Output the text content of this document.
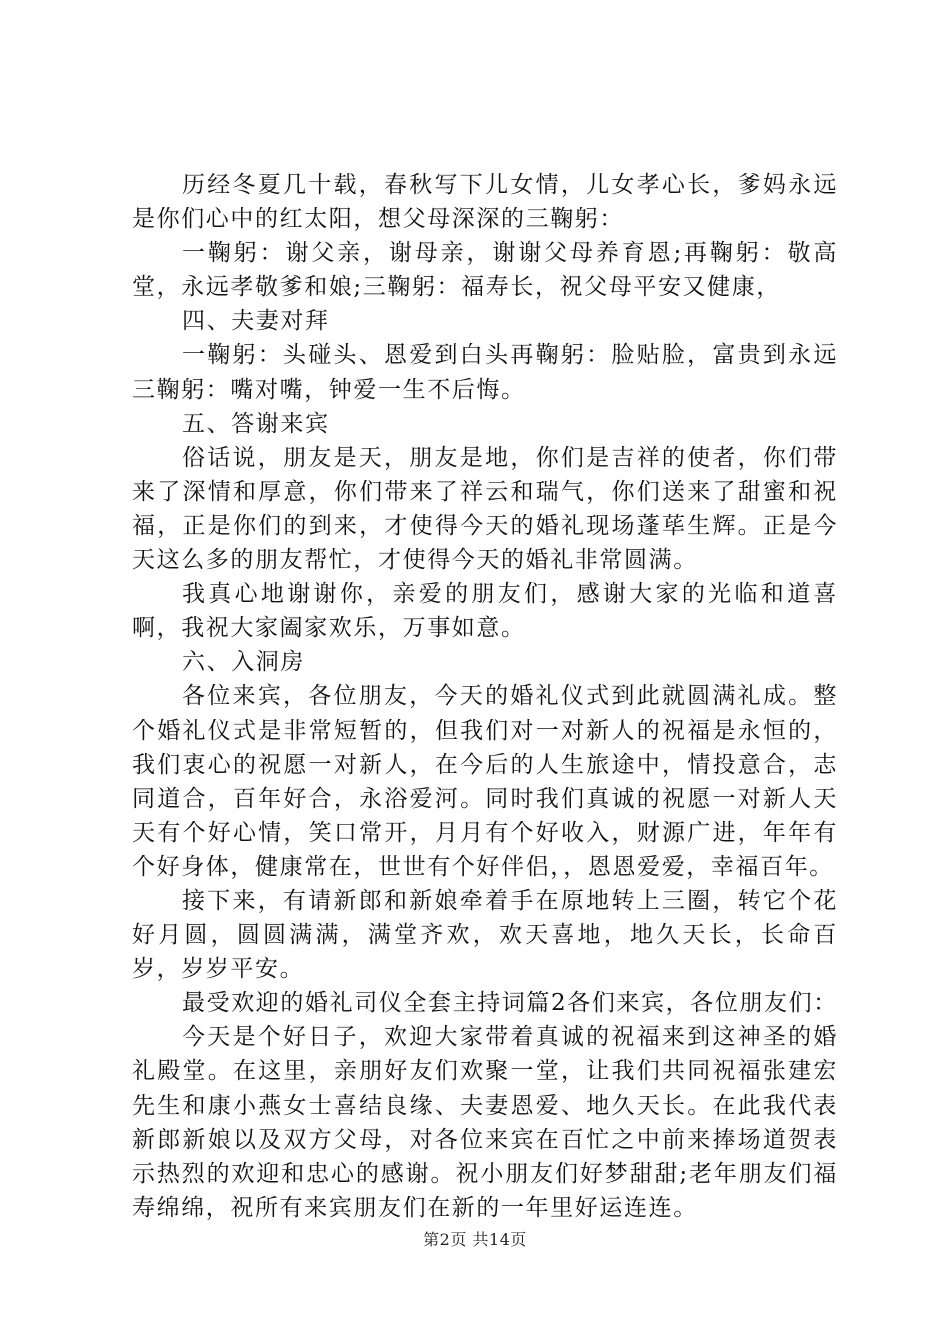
历经冬夏几十载，春秋写下儿女情，儿女孝心长，爹妈永远是你们心中的红太阳，想父母深深的三鞠躬：

一鞠躬：谢父亲，谢母亲，谢谢父母养育恩;再鞠躬：敬高堂，永远孝敬爹和娘;三鞠躬：福寿长，祝父母平安又健康，

四、夫妻对拜

一鞠躬：头碰头、恩爱到白头再鞠躬：脸贴脸，富贵到永远三鞠躬：嘴对嘴，钟爱一生不后悔。

五、答谢来宾

俗话说，朋友是天，朋友是地，你们是吉祥的使者，你们带来了深情和厚意，你们带来了祥云和瑞气，你们送来了甜蜜和祝福，正是你们的到来，才使得今天的婚礼现场蓬荜生辉。正是今天这么多的朋友帮忙，才使得今天的婚礼非常圆满。

我真心地谢谢你，亲爱的朋友们，感谢大家的光临和道喜啊，我祝大家阖家欢乐，万事如意。

六、入洞房

各位来宾，各位朋友，今天的婚礼仪式到此就圆满礼成。整个婚礼仪式是非常短暂的，但我们对一对新人的祝福是永恒的，我们衷心的祝愿一对新人，在今后的人生旅途中，情投意合，志同道合，百年好合，永浴爱河。同时我们真诚的祝愿一对新人天天有个好心情，笑口常开，月月有个好收入，财源广进，年年有个好身体，健康常在，世世有个好伴侣，，恩恩爱爱，幸福百年。

接下来，有请新郎和新娘牵着手在原地转上三圈，转它个花好月圆，圆圆满满，满堂齐欢，欢天喜地，地久天长，长命百岁，岁岁平安。

最受欢迎的婚礼司仪全套主持词篇2各们来宾，各位朋友们：

今天是个好日子，欢迎大家带着真诚的祝福来到这神圣的婚礼殿堂。在这里，亲朋好友们欢聚一堂，让我们共同祝福张建宏先生和康小燕女士喜结良缘、夫妻恩爱、地久天长。在此我代表新郎新娘以及双方父母，对各位来宾在百忙之中前来捧场道贺表示热烈的欢迎和忠心的感谢。祝小朋友们好梦甜甜;老年朋友们福寿绵绵，祝所有来宾朋友们在新的一年里好运连连。

第2页 共14页
